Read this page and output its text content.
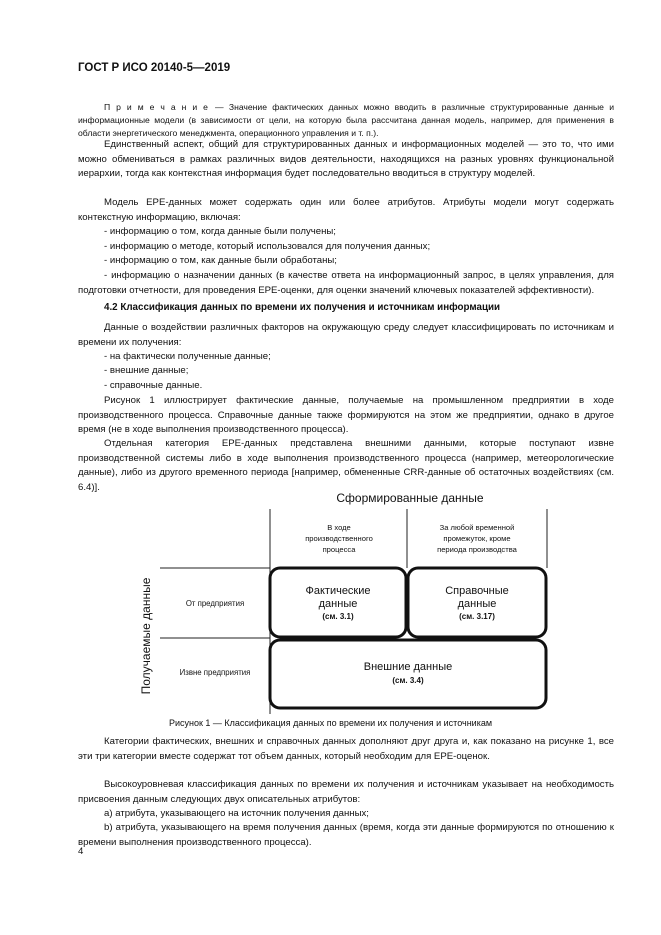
ГОСТ Р ИСО 20140-5—2019

П р и м е ч а н и е — Значение фактических данных можно вводить в различные структурированные данные и информационные модели (в зависимости от цели, на которую была рассчитана данная модель, например, для применения в области энергетического менеджмента, операционного управления и т. п.).

Единственный аспект, общий для структурированных данных и информационных моделей — это то, что ими можно обмениваться в рамках различных видов деятельности, находящихся на разных уровнях функциональной иерархии, тогда как контекстная информация будет последовательно вводиться в структуру моделей.

Модель ЕРЕ-данных может содержать один или более атрибутов. Атрибуты модели могут содержать контекстную информацию, включая:

- информацию о том, когда данные были получены;
- информацию о методе, который использовался для получения данных;
- информацию о том, как данные были обработаны;

- информацию о назначении данных (в качестве ответа на информационный запрос, в целях управления, для подготовки отчетности, для проведения ЕРЕ-оценки, для оценки значений ключевых показателей эффективности).

4.2 Классификация данных по времени их получения и источникам информации

Данные о воздействии различных факторов на окружающую среду следует классифицировать по источникам и времени их получения:

- на фактически полученные данные;
- внешние данные;
- справочные данные.

Рисунок 1 иллюстрирует фактические данные, получаемые на промышленном предприятии в ходе производственного процесса. Справочные данные также формируются на этом же предприятии, однако в другое время (не в ходе выполнения производственного процесса).

Отдельная категория ЕРЕ-данных представлена внешними данными, которые поступают извне производственной системы либо в ходе выполнения производственного процесса (например, метеорологические данные), либо из другого временного периода [например, обмененные CRR-данные об остаточных воздействиях (см. 6.4)].

Сформированные данные
В ходе
производственного
процесса
За любой временной
промежуток, кроме
периода производства
Получаемые данные	От предприятия
Извне предприятия
Фактические
данные
(см. 3.1)
Справочные
данные
(см. 3.17)
Внешние данные
(см. 3.4)
Рисунок 1 — Классификация данных по времени их получения и источникам

Категории фактических, внешних и справочных данных дополняют друг друга и, как показано на рисунке 1, все эти три категории вместе содержат тот объем данных, который необходим для ЕРЕ-оценок.

Высокоуровневая классификация данных по времени их получения и источникам указывает на необходимость присвоения данным следующих двух описательных атрибутов:

a) атрибута, указывающего на источник получения данных;

b) атрибута, указывающего на время получения данных (время, когда эти данные формируются по отношению к времени выполнения производственного процесса).

4
